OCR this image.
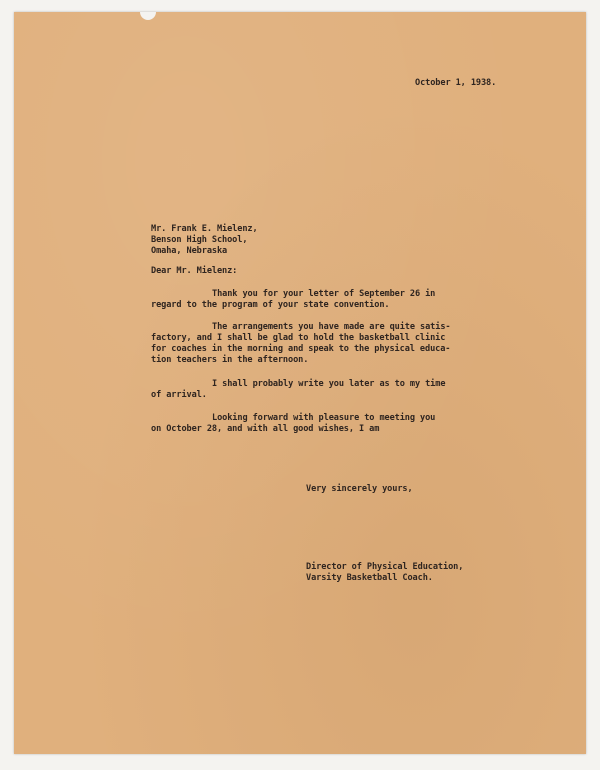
October 1, 1938.
Mr. Frank E. Mielenz,
Benson High School,
Omaha, Nebraska
Dear Mr. Mielenz:
Thank you for your letter of September 26 in
regard to the program of your state convention.
The arrangements you have made are quite satis-
factory, and I shall be glad to hold the basketball clinic
for coaches in the morning and speak to the physical educa-
tion teachers in the afternoon.
I shall probably write you later as to my time
of arrival.
Looking forward with pleasure to meeting you
on October 28, and with all good wishes, I am
Very sincerely yours,
Director of Physical Education,
Varsity Basketball Coach.
